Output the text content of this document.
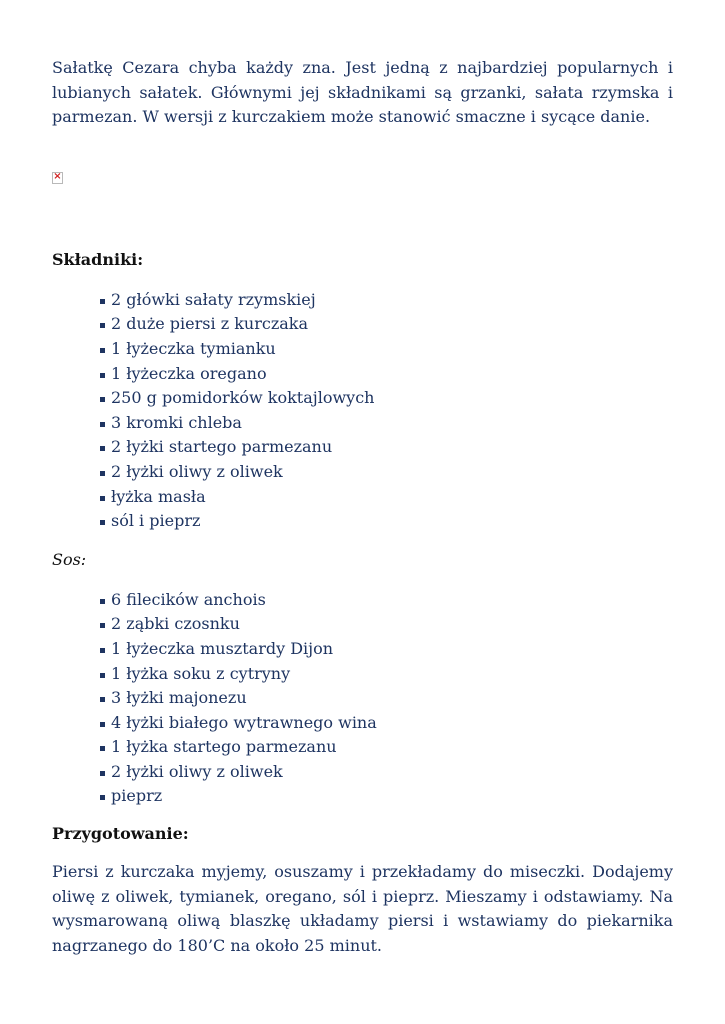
Sałatkę Cezara chyba każdy zna. Jest jedną z najbardziej popularnych i lubianych sałatek. Głównymi jej składnikami są grzanki, sałata rzymska i parmezan. W wersji z kurczakiem może stanowić smaczne i sycące danie.

×

Składniki:

2 główki sałaty rzymskiej
2 duże piersi z kurczaka
1 łyżeczka tymianku
1 łyżeczka oregano
250 g pomidorków koktajlowych
3 kromki chleba
2 łyżki startego parmezanu
2 łyżki oliwy z oliwek
łyżka masła
sól i pieprz

Sos:

6 filecików anchois
2 ząbki czosnku
1 łyżeczka musztardy Dijon
1 łyżka soku z cytryny
3 łyżki majonezu
4 łyżki białego wytrawnego wina
1 łyżka startego parmezanu
2 łyżki oliwy z oliwek
pieprz

Przygotowanie:

Piersi z kurczaka myjemy, osuszamy i przekładamy do miseczki. Dodajemy oliwę z oliwek, tymianek, oregano, sól i pieprz. Mieszamy i odstawiamy. Na wysmarowaną oliwą blaszkę układamy piersi i wstawiamy do piekarnika nagrzanego do 180’C na około 25 minut.
